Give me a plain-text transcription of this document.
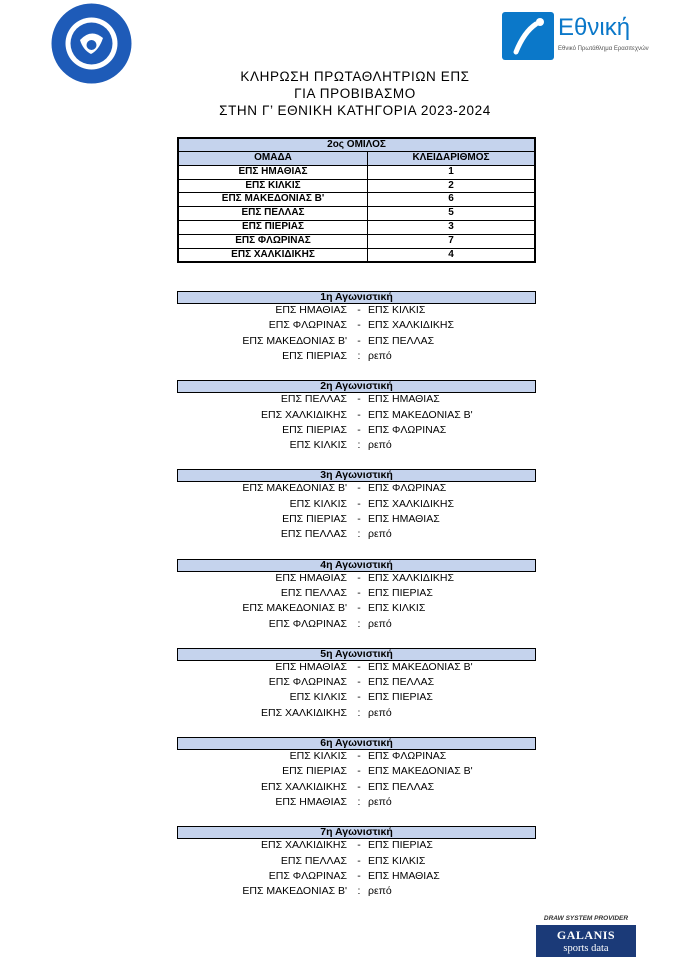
Εθνική
Εθνικό Πρωτάθλημα Ερασιτεχνών
ΚΛΗΡΩΣΗ ΠΡΩΤΑΘΛΗΤΡΙΩΝ ΕΠΣ
ΓΙΑ ΠΡΟΒΙΒΑΣΜΟ
ΣΤΗΝ Γ’ ΕΘΝΙΚΗ ΚΑΤΗΓΟΡΙΑ 2023-2024
2ος ΟΜΙΛΟΣ
ΟΜΑΔΑ	ΚΛΕΙΔΑΡΙΘΜΟΣ
ΕΠΣ ΗΜΑΘΙΑΣ	1
ΕΠΣ ΚΙΛΚΙΣ	2
ΕΠΣ ΜΑΚΕΔΟΝΙΑΣ Β'	6
ΕΠΣ ΠΕΛΛΑΣ	5
ΕΠΣ ΠΙΕΡΙΑΣ	3
ΕΠΣ ΦΛΩΡΙΝΑΣ	7
ΕΠΣ ΧΑΛΚΙΔΙΚΗΣ	4
1η Αγωνιστική
ΕΠΣ ΗΜΑΘΙΑΣ - ΕΠΣ ΚΙΛΚΙΣ
ΕΠΣ ΦΛΩΡΙΝΑΣ - ΕΠΣ ΧΑΛΚΙΔΙΚΗΣ
ΕΠΣ ΜΑΚΕΔΟΝΙΑΣ Β' - ΕΠΣ ΠΕΛΛΑΣ
ΕΠΣ ΠΙΕΡΙΑΣ	: ρεπό
2η Αγωνιστική
ΕΠΣ ΠΕΛΛΑΣ - ΕΠΣ ΗΜΑΘΙΑΣ
ΕΠΣ ΧΑΛΚΙΔΙΚΗΣ - ΕΠΣ ΜΑΚΕΔΟΝΙΑΣ Β'
ΕΠΣ ΠΙΕΡΙΑΣ - ΕΠΣ ΦΛΩΡΙΝΑΣ
ΕΠΣ ΚΙΛΚΙΣ	: ρεπό
3η Αγωνιστική
ΕΠΣ ΜΑΚΕΔΟΝΙΑΣ Β' - ΕΠΣ ΦΛΩΡΙΝΑΣ
ΕΠΣ ΚΙΛΚΙΣ - ΕΠΣ ΧΑΛΚΙΔΙΚΗΣ
ΕΠΣ ΠΙΕΡΙΑΣ - ΕΠΣ ΗΜΑΘΙΑΣ
ΕΠΣ ΠΕΛΛΑΣ	: ρεπό
4η Αγωνιστική
ΕΠΣ ΗΜΑΘΙΑΣ - ΕΠΣ ΧΑΛΚΙΔΙΚΗΣ
ΕΠΣ ΠΕΛΛΑΣ - ΕΠΣ ΠΙΕΡΙΑΣ
ΕΠΣ ΜΑΚΕΔΟΝΙΑΣ Β' - ΕΠΣ ΚΙΛΚΙΣ
ΕΠΣ ΦΛΩΡΙΝΑΣ	: ρεπό
5η Αγωνιστική
ΕΠΣ ΗΜΑΘΙΑΣ - ΕΠΣ ΜΑΚΕΔΟΝΙΑΣ Β'
ΕΠΣ ΦΛΩΡΙΝΑΣ - ΕΠΣ ΠΕΛΛΑΣ
ΕΠΣ ΚΙΛΚΙΣ - ΕΠΣ ΠΙΕΡΙΑΣ
ΕΠΣ ΧΑΛΚΙΔΙΚΗΣ	: ρεπό
6η Αγωνιστική
ΕΠΣ ΚΙΛΚΙΣ - ΕΠΣ ΦΛΩΡΙΝΑΣ
ΕΠΣ ΠΙΕΡΙΑΣ - ΕΠΣ ΜΑΚΕΔΟΝΙΑΣ Β'
ΕΠΣ ΧΑΛΚΙΔΙΚΗΣ - ΕΠΣ ΠΕΛΛΑΣ
ΕΠΣ ΗΜΑΘΙΑΣ	: ρεπό
7η Αγωνιστική
ΕΠΣ ΧΑΛΚΙΔΙΚΗΣ - ΕΠΣ ΠΙΕΡΙΑΣ
ΕΠΣ ΠΕΛΛΑΣ - ΕΠΣ ΚΙΛΚΙΣ
ΕΠΣ ΦΛΩΡΙΝΑΣ - ΕΠΣ ΗΜΑΘΙΑΣ
ΕΠΣ ΜΑΚΕΔΟΝΙΑΣ Β'	: ρεπό
DRAW SYSTEM PROVIDER
GALANIS
sports data
